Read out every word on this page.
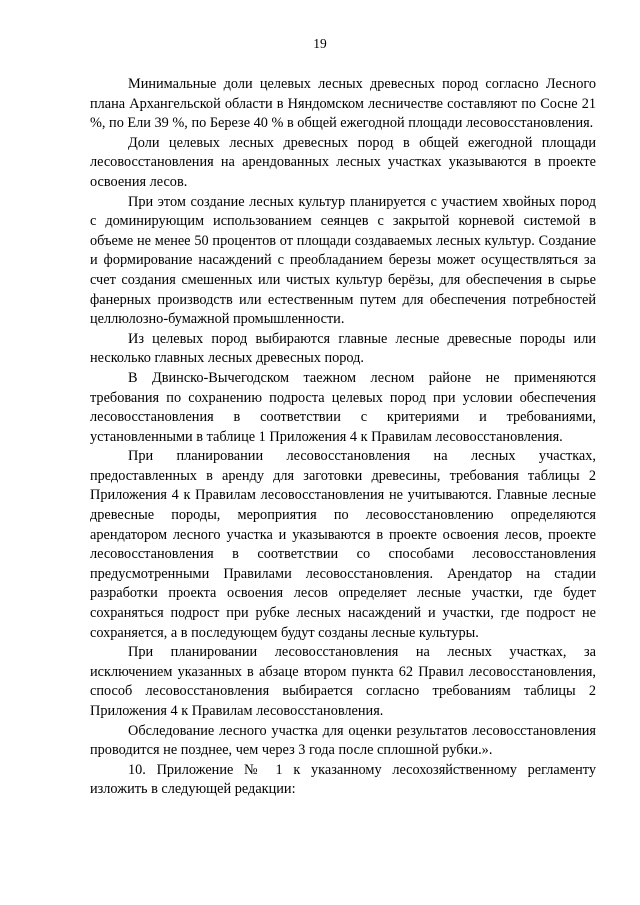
19

Минимальные доли целевых лесных древесных пород согласно Лесного плана Архангельской области в Няндомском лесничестве составляют по Сосне 21 %, по Ели 39 %, по Березе 40 % в общей ежегодной площади лесовосстановления.

Доли целевых лесных древесных пород в общей ежегодной площади лесовосстановления на арендованных лесных участках указываются в проекте освоения лесов.

При этом создание лесных культур планируется с участием хвойных пород с доминирующим использованием сеянцев с закрытой корневой системой в объеме не менее 50 процентов от площади создаваемых лесных культур. Создание и формирование насаждений с преобладанием березы может осуществляться за счет создания смешенных или чистых культур берёзы, для обеспечения в сырье фанерных производств или естественным путем для обеспечения потребностей целлюлозно-бумажной промышленности.

Из целевых пород выбираются главные лесные древесные породы или несколько главных лесных древесных пород.

В Двинско-Вычегодском таежном лесном районе не применяются требования по сохранению подроста целевых пород при условии обеспечения лесовосстановления в соответствии с критериями и требованиями, установленными в таблице 1 Приложения 4 к Правилам лесовосстановления.

При планировании лесовосстановления на лесных участках, предоставленных в аренду для заготовки древесины, требования таблицы 2 Приложения 4 к Правилам лесовосстановления не учитываются. Главные лесные древесные породы, мероприятия по лесовосстановлению определяются арендатором лесного участка и указываются в проекте освоения лесов, проекте лесовосстановления в соответствии со способами лесовосстановления предусмотренными Правилами лесовосстановления. Арендатор на стадии разработки проекта освоения лесов определяет лесные участки, где будет сохраняться подрост при рубке лесных насаждений и участки, где подрост не сохраняется, а в последующем будут созданы лесные культуры.

При планировании лесовосстановления на лесных участках, за исключением указанных в абзаце втором пункта 62 Правил лесовосстановления, способ лесовосстановления выбирается согласно требованиям таблицы 2 Приложения 4 к Правилам лесовосстановления.

Обследование лесного участка для оценки результатов лесовосстановления проводится не позднее, чем через 3 года после сплошной рубки.».

10. Приложение № 1 к указанному лесохозяйственному регламенту изложить в следующей редакции:
